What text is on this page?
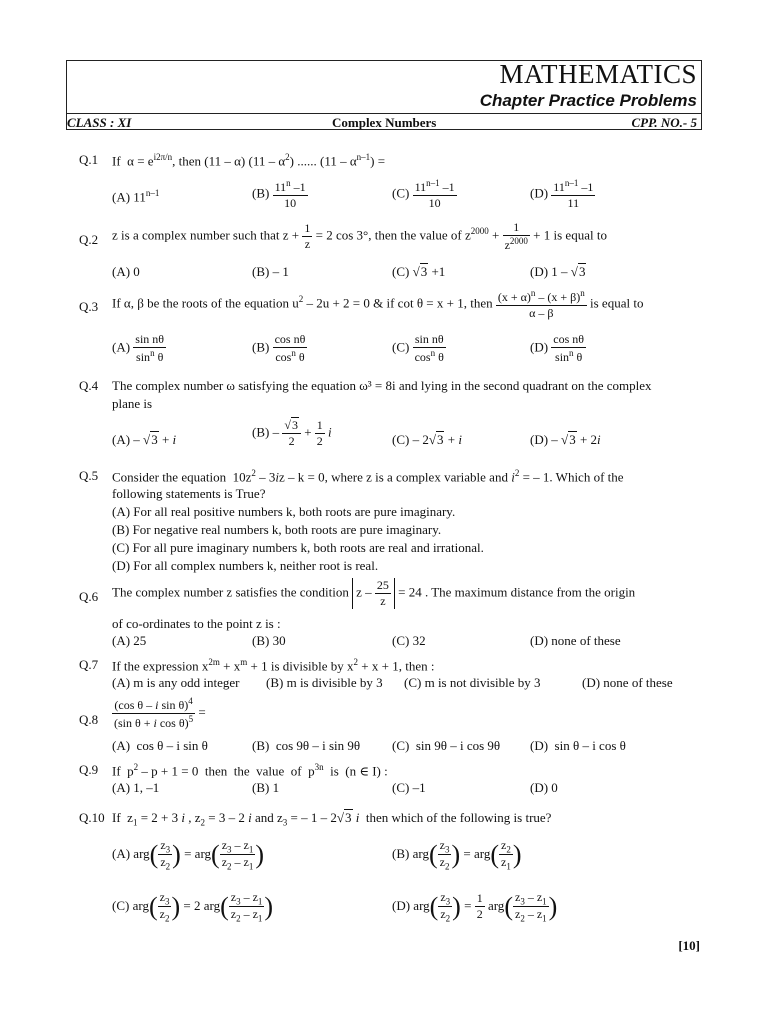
MATHEMATICS
Chapter Practice Problems
CLASS : XI	Complex Numbers	CPP. NO.- 5
Q.1 If  $\alpha = e^{i2\pi/n}$, then (11 – α) $(11 - \alpha^2)$ ...... $(11 - \alpha^{n-1})$ =
(A) 11$^{n-1}$	$(B) \frac{11^n -1}{10}$	$(C) \frac{11^{n-1} -1}{10}$	$(D) \frac{11^{n-1} -1}{11}$
Q.2 z is a complex number such that $z + \frac{1}{z} = 2$ cos 3°, then the value of $z^{2000} + \frac{1}{z^{2000}} + 1$ is equal to
(A) 0	(B) – 1	(C) √3 +1	(D) 1 – √3
Q.3 If α, β be the roots of the equation $u^2 - 2u + 2 = 0$ & if cot θ = x + 1, then $\frac{(x + \alpha)^n - (x + \beta)^n}{\alpha - \beta}$ is equal to
$(A) \frac{\text{sin nθ}}{\sin^n \theta}$	$(B) \frac{\text{cos nθ}}{\cos^n \theta}$	$(C) \frac{\text{sin nθ}}{\cos^n \theta}$	$(D) \frac{\text{cos nθ}}{\sin^n \theta}$
Q.4 The complex number ω satisfying the equation ω³ = 8i and lying in the second quadrant on the complex
plane is
(A) – √3 + i
$(B) - \frac{√3}{2} + \frac{1}{2}$ i
(C) – 2√3 + i	(D) – √3 + 2i
Q.5 Consider the equation  $10z^2 - 3iz - k = 0$, where z is a complex variable and $i^2$ = – 1. Which of the
following statements is True?
(A) For all real positive numbers k, both roots are pure imaginary.
(B) For negative real numbers k, both roots are pure imaginary.
(C) For all pure imaginary numbers k, both roots are real and irrational.
(D) For all complex numbers k, neither root is real.
Q.6 The complex number z satisfies the condition $z - \frac{25}{z} = 24$ . The maximum distance from the origin
of co-ordinates to the point z is :
(A) 25	(B) 30	(C) 32	(D) none of these
Q.7 If the expression $x^{2m} + x^m + 1$ is divisible by $x^2 + x + 1$, then :
(A) m is any odd integer (B) m is divisible by 3 (C) m is not divisible by 3	(D) none of these
$Q.8 \frac{(\cos \theta - i \sin \theta)^4}{(\sin \theta + i \cos \theta)^5}$ =
(A)  cos θ – i sin θ	(B)  cos 9θ – i sin 9θ (C)  sin 9θ – i cos 9θ (D)  sin θ – i cos θ
Q.9 If  $p^2 - p + 1 = 0$  then  the  value  of  $p^{3n}$  is  (n ∈ I) :
(A) 1, –1	(B) 1	(C) –1	(D) 0
Q.10 If  $z_1 = 2 + 3$ i , $z_2 = 3 - 2$ i and $z_3$ = – 1 – 2√3 i  then which of the following is true?
(A) $arg( \frac{z_3}{z_2}$ ) = $arg( \frac{z_3 - z_1}{z_2 - z_1}$ )	(B) $arg( \frac{z_3}{z_2}$ ) = $arg( \frac{z_2}{z_1}$ )
(C) $arg( \frac{z_3}{z_2}$ ) = 2 $arg( \frac{z_3 - z_1}{z_2 - z_1}$ )	(D) $arg( \frac{z_3}{z_2}$ ) = $\frac{1}{2} arg( \frac{z_3 - z_1}{z_2 - z_1}$ )
[10]
